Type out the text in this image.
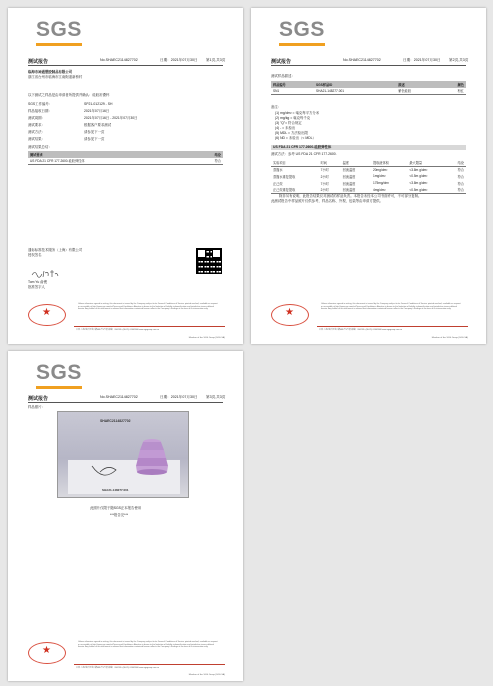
SGS
测试报告	No.SHAEC2114827702	日期：2021年07月30日 第1页,共3页
临海市神通塑胶制品有限公司
浙江省台州市临海市江南街道新桥村
以下测试之样品是由申请者所提供并确认：硅胶折叠杯
SGS工作编号：	SP21-012129 - SH
样品接收日期：	2021年07月16日
测试周期：	2021年07月16日 - 2021年07月30日
测试要求：	根据客户要求测试
测试方法：	请参见下一页
测试结果：	请参见下一页
测试结果总结：
测试要求	结论
US FDA 21 CFR 177.2600-硅胶弹性体	符合
通标标准技术服务（上海）有限公司
授权签名
Tom Yu 俞俊
批准签字人
★
Unless otherwise agreed in writing, this document is issued by the Company subject to its General Conditions of Service printed overleaf, available on request or accessible at http://www.sgs.com/en/Terms-and-Conditions. Attention is drawn to the limitation of liability, indemnification and jurisdiction issues defined therein. Any holder of this document is advised that information contained hereon reflects the Company's findings at the time of its intervention only.
中国·上海·徐汇区宜山路889号3号楼 邮编：200233 t (86-21) 61402666 www.sgsgroup.com.cn
Member of the SGS Group (SGS SA)
SGS
测试报告	No.SHAEC2114827702	日期：2021年07月30日 第2页,共3页
测试样品描述：
样品编号	SGS样品ID	描述	颜色
SN1	SHA21-148277.001	紫色硅胶	粉红
备注：
(1) mg/dm² = 毫克每平方分米
(2) mg/kg = 毫克每千克
(3) "Q"= 符合规定
(4) - = 未检出
(5) MDL = 方法检出限
(6) ND = 未检出（< MDL）
US FDA 21 CFR 177.2600-硅胶弹性体
测试方法：参考 US FDA 21 CFR 177.2600.
实验项目	时间	温度	提取液体积	最大限量	结论
蒸馏水	7小时	回流温度	20mg/dm²	<3.8m g/dm²	符合
蒸馏水重复提取	2小时	回流温度	1mg/dm²	<0.5m g/dm²	符合
正己烷	7小时	回流温度	175mg/dm²	<3.8m g/dm²	符合
正己烷重复提取	2小时	回流温度	4mg/dm²	<0.5m g/dm²	符合
除非另有说明，此报告结果仅对测试的样品负责。本报告未经本公司书面许可，不可部分复制。
此测试报告中样品照片仅供参考，样品名称、外观、包装等由申请方提供。
★
Unless otherwise agreed in writing, this document is issued by the Company subject to its General Conditions of Service printed overleaf, available on request or accessible at http://www.sgs.com/en/Terms-and-Conditions. Attention is drawn to the limitation of liability, indemnification and jurisdiction issues defined therein. Any holder of this document is advised that information contained hereon reflects the Company's findings at the time of its intervention only.
中国·上海·徐汇区宜山路889号3号楼 邮编：200233 t (86-21) 61402666 www.sgsgroup.com.cn
Member of the SGS Group (SGS SA)
SGS
测试报告	No.SHAEC2114827702	日期：2021年07月30日 第3页,共3页
样品照片：
SHAEC2114827702
SHA21-148277.001
此照片仅限于随SGS正本报告使用
***报告完***
★
Unless otherwise agreed in writing, this document is issued by the Company subject to its General Conditions of Service printed overleaf, available on request or accessible at http://www.sgs.com/en/Terms-and-Conditions. Attention is drawn to the limitation of liability, indemnification and jurisdiction issues defined therein. Any holder of this document is advised that information contained hereon reflects the Company's findings at the time of its intervention only.
中国·上海·徐汇区宜山路889号3号楼 邮编：200233 t (86-21) 61402666 www.sgsgroup.com.cn
Member of the SGS Group (SGS SA)
